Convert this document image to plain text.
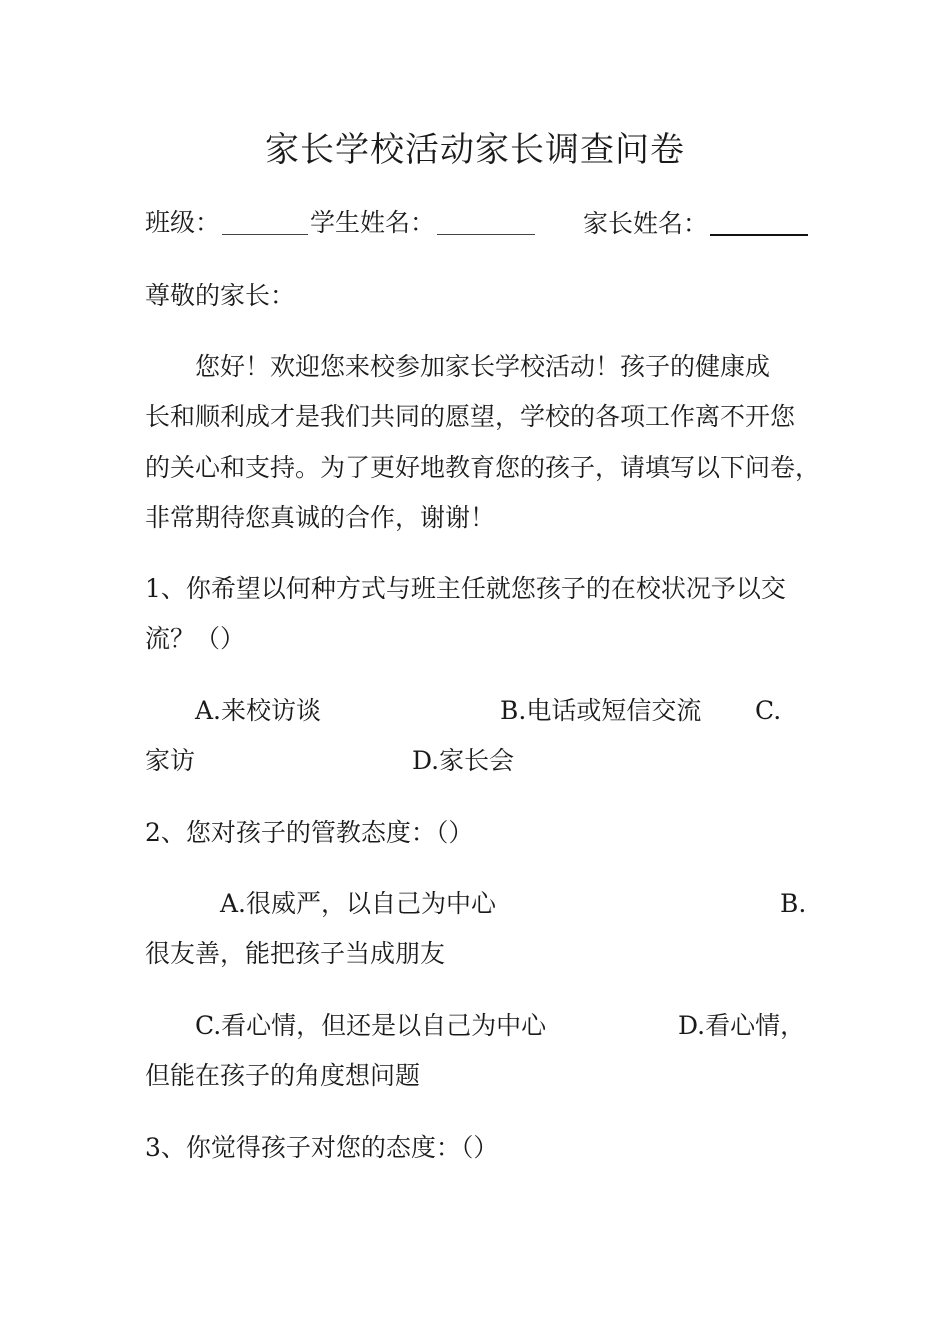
家长学校活动家长调查问卷
班级：	学生姓名：	家长姓名：
尊敬的家长：
您好！欢迎您来校参加家长学校活动！孩子的健康成
长和顺利成才是我们共同的愿望，学校的各项工作离不开您
的关心和支持。为了更好地教育您的孩子，请填写以下问卷，
非常期待您真诚的合作，谢谢！
1、你希望以何种方式与班主任就您孩子的在校状况予以交
流？（）
A.来校访谈	B.电话或短信交流 C.
家访	D.家长会
2、您对孩子的管教态度：（）
A.很威严，以自己为中心	B.
很友善，能把孩子当成朋友
C.看心情，但还是以自己为中心	D.看心情，
但能在孩子的角度想问题
3、你觉得孩子对您的态度：（）
